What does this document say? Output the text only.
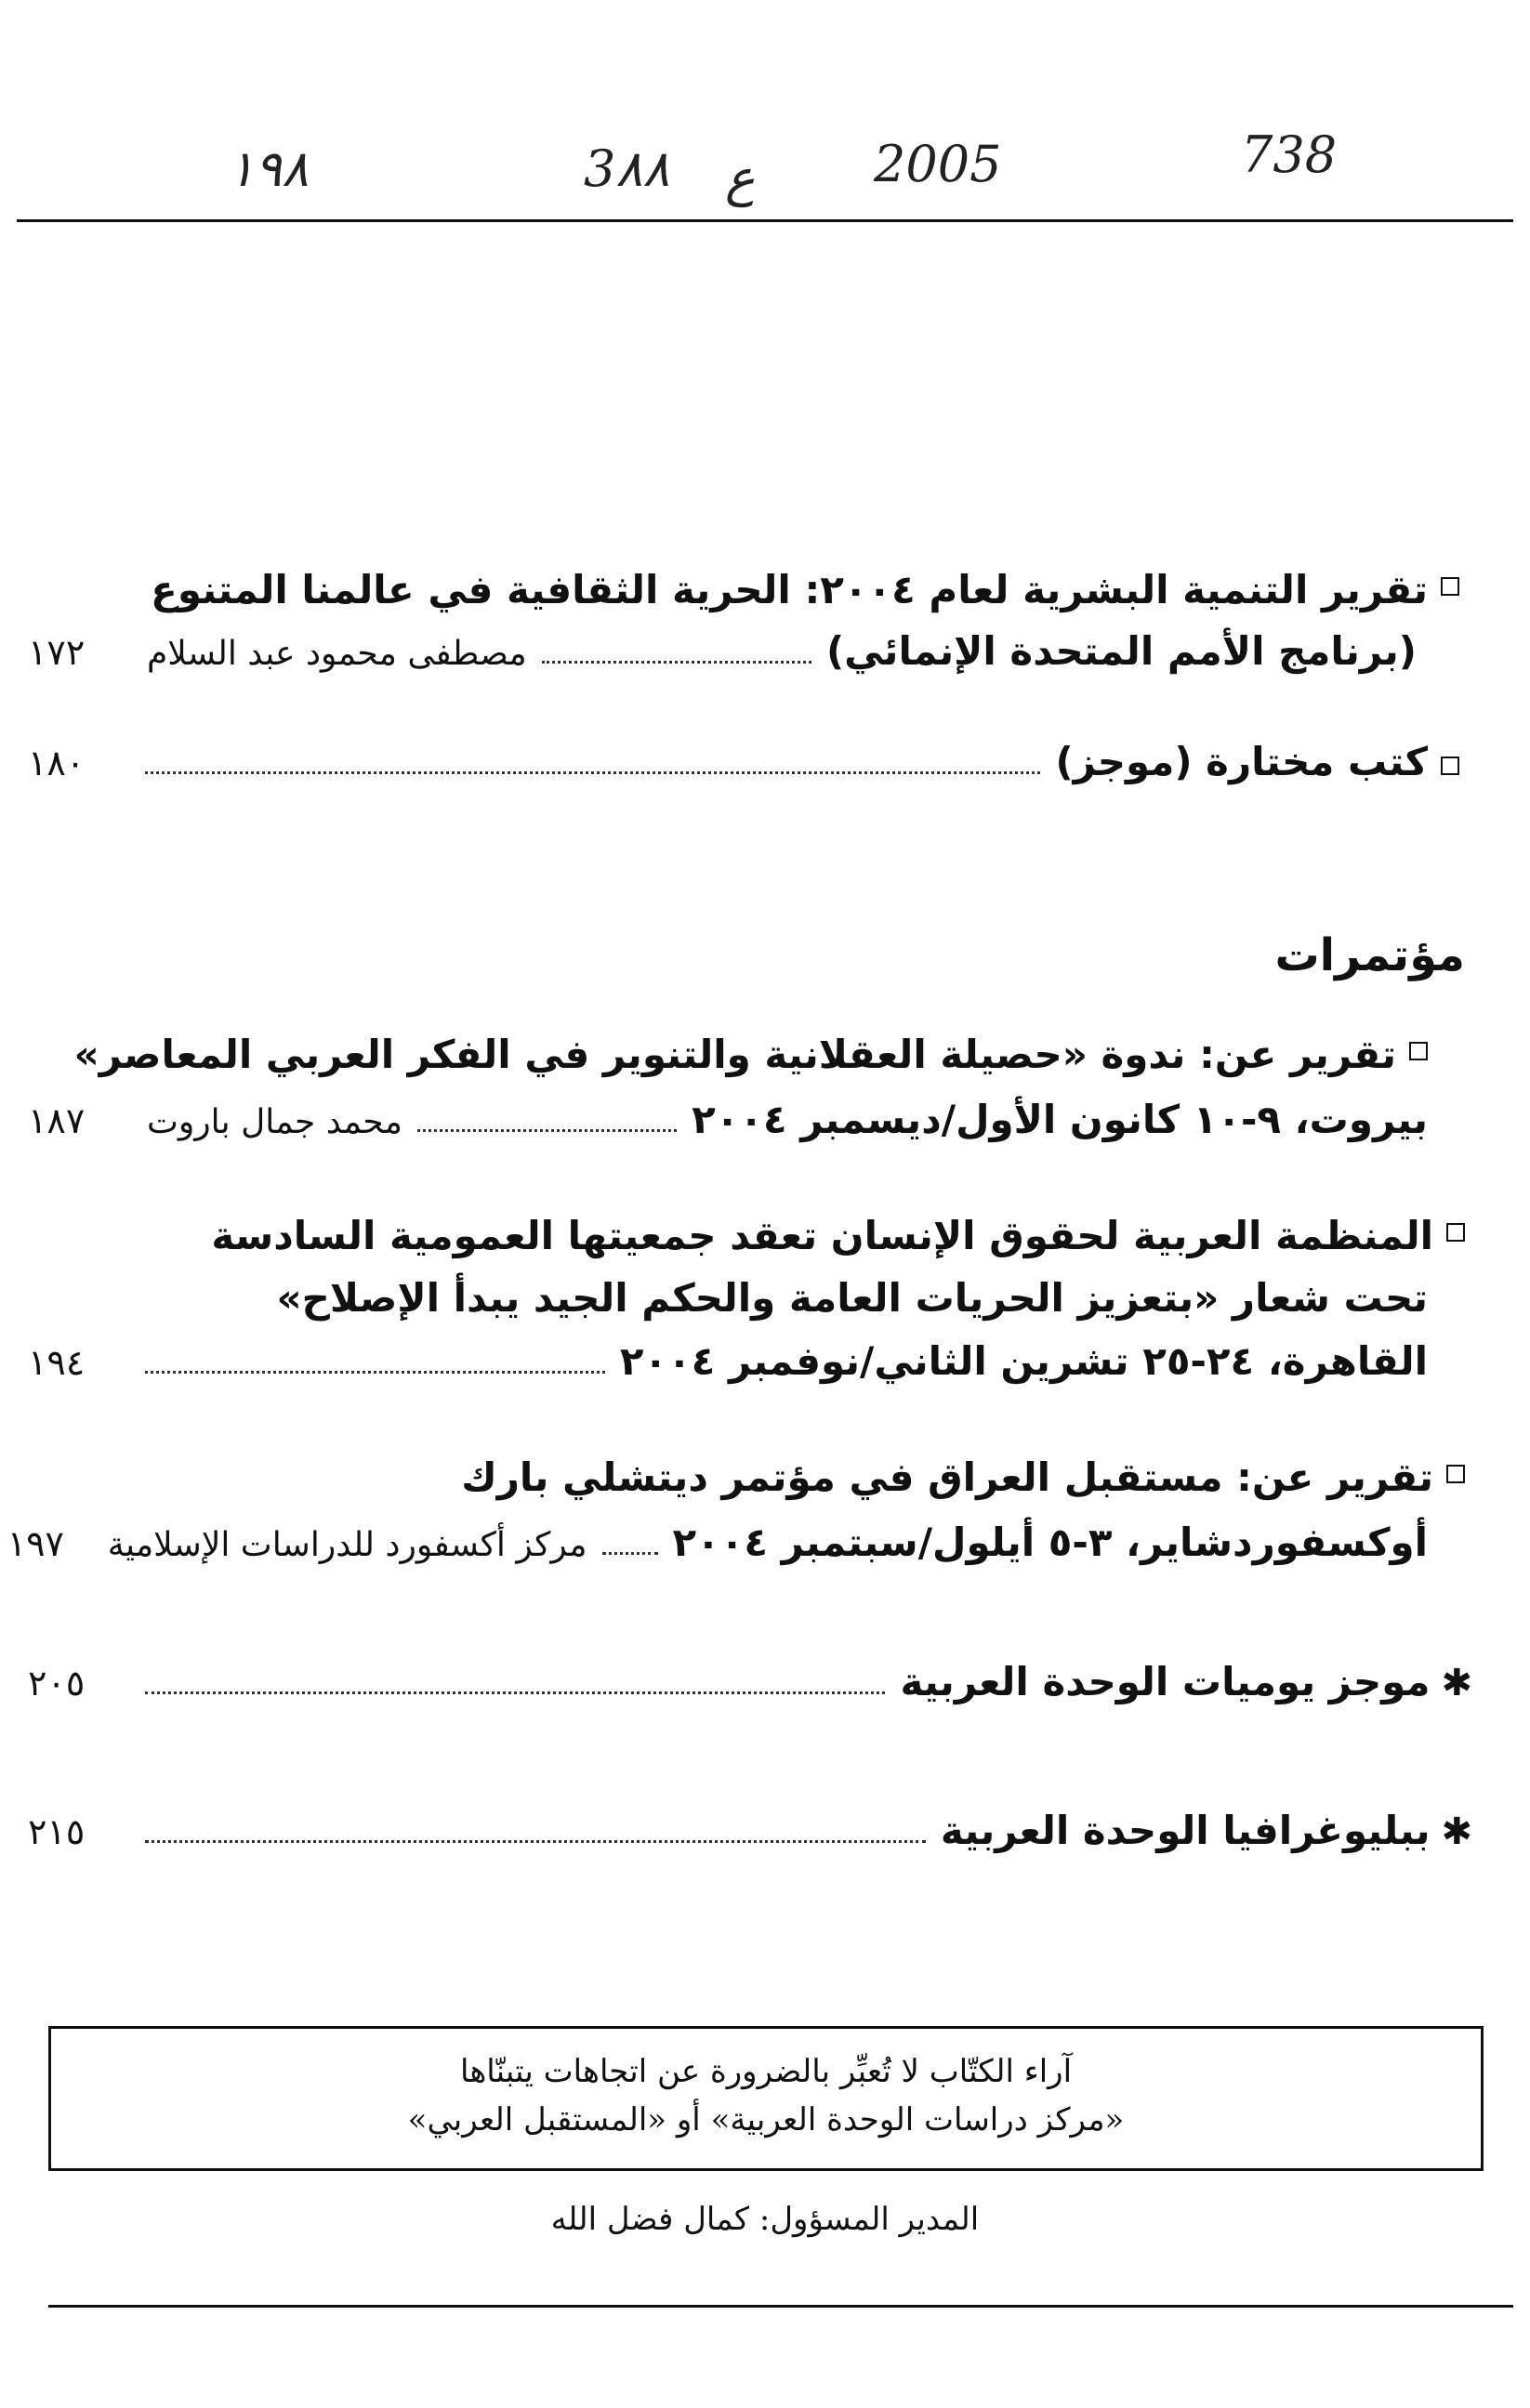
١٩٨	3٨٨ ع 2005	738
تقرير التنمية البشرية لعام ٢٠٠٤: الحرية الثقافية في عالمنا المتنوع
(برنامج الأمم المتحدة الإنمائي)
مصطفى محمود عبد السلام
١٧٢
كتب مختارة (موجز)
١٨٠
مؤتمرات
تقرير عن: ندوة «حصيلة العقلانية والتنوير في الفكر العربي المعاصر»
بيروت، ٩-١٠ كانون الأول/ديسمبر ٢٠٠٤
محمد جمال باروت
١٨٧
المنظمة العربية لحقوق الإنسان تعقد جمعيتها العمومية السادسة
تحت شعار «بتعزيز الحريات العامة والحكم الجيد يبدأ الإصلاح»
القاهرة، ٢٤-٢٥ تشرين الثاني/نوفمبر ٢٠٠٤
١٩٤
تقرير عن: مستقبل العراق في مؤتمر ديتشلي بارك
أوكسفوردشاير، ٣-٥ أيلول/سبتمبر ٢٠٠٤
مركز أكسفورد للدراسات الإسلامية
١٩٧
✱
موجز يوميات الوحدة العربية
٢٠٥
✱
ببليوغرافيا الوحدة العربية
٢١٥
آراء الكتّاب لا تُعبِّر بالضرورة عن اتجاهات يتبنّاها
«مركز دراسات الوحدة العربية» أو «المستقبل العربي»
المدير المسؤول: كمال فضل الله
